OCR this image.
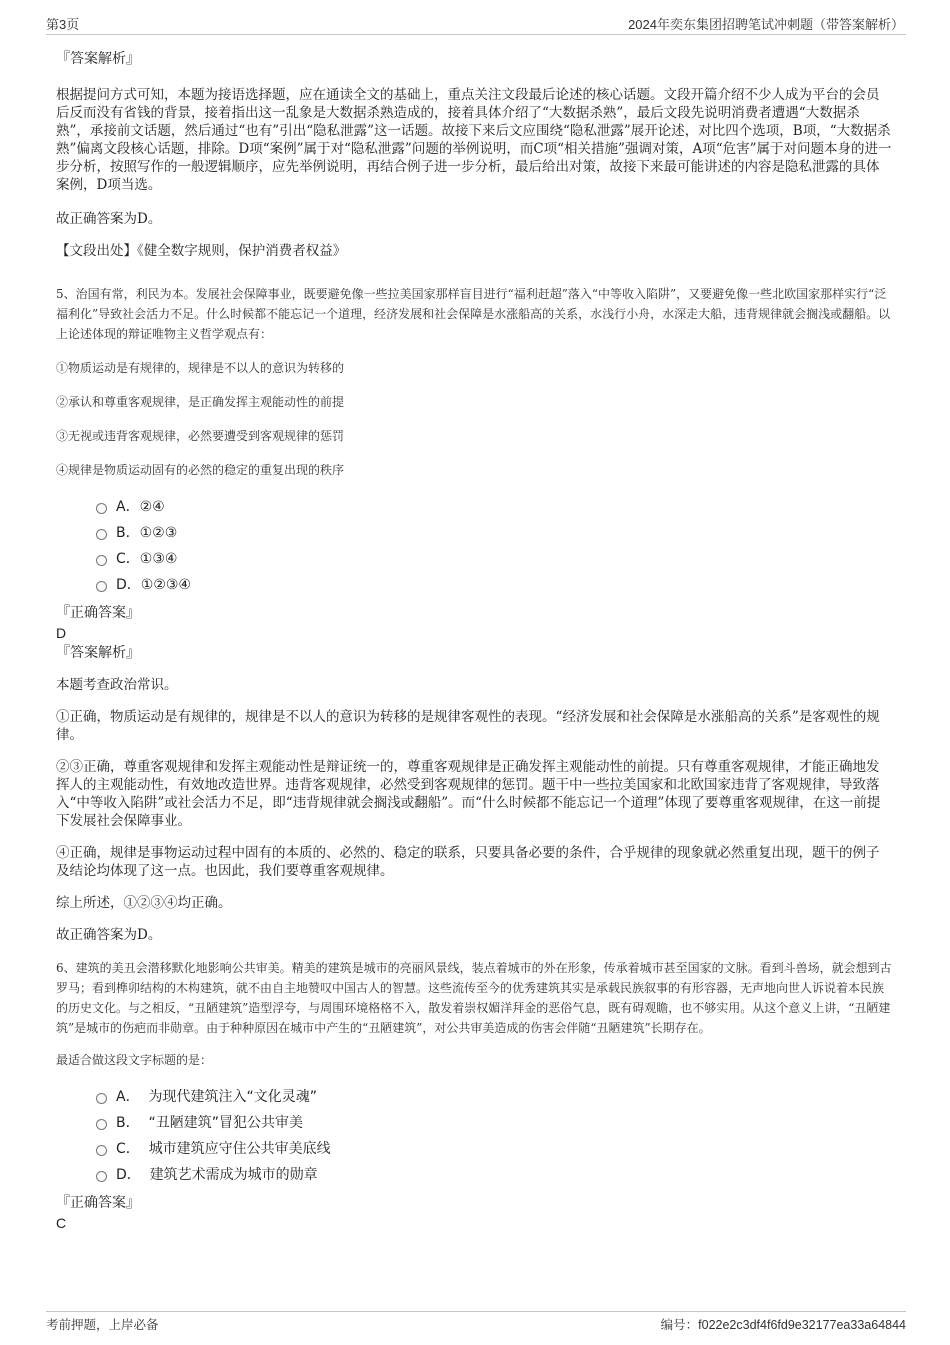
第3页	2024年奕东集团招聘笔试冲刺题（带答案解析）

『答案解析』

根据提问方式可知，本题为接语选择题，应在通读全文的基础上，重点关注文段最后论述的核心话题。文段开篇介绍不少人成为平台的会员后反而没有省钱的背景，接着指出这一乱象是大数据杀熟造成的，接着具体介绍了“大数据杀熟”，最后文段先说明消费者遭遇“大数据杀熟”，承接前文话题，然后通过“也有”引出“隐私泄露”这一话题。故接下来后文应围绕“隐私泄露”展开论述，对比四个选项，B项，“大数据杀熟”偏离文段核心话题，排除。D项“案例”属于对“隐私泄露”问题的举例说明，而C项“相关措施”强调对策，A项“危害”属于对问题本身的进一步分析，按照写作的一般逻辑顺序，应先举例说明，再结合例子进一步分析，最后给出对策，故接下来最可能讲述的内容是隐私泄露的具体案例，D项当选。

故正确答案为D。

【文段出处】《健全数字规则，保护消费者权益》

5、治国有常，利民为本。发展社会保障事业，既要避免像一些拉美国家那样盲目进行“福利赶超”落入“中等收入陷阱”，又要避免像一些北欧国家那样实行“泛福利化”导致社会活力不足。什么时候都不能忘记一个道理，经济发展和社会保障是水涨船高的关系，水浅行小舟，水深走大船，违背规律就会搁浅或翻船。以上论述体现的辩证唯物主义哲学观点有：

①物质运动是有规律的，规律是不以人的意识为转移的

②承认和尊重客观规律，是正确发挥主观能动性的前提

③无视或违背客观规律，必然要遭受到客观规律的惩罚

④规律是物质运动固有的必然的稳定的重复出现的秩序

A．②④
B．①②③
C．①③④
D．①②③④

『正确答案』

D

『答案解析』

本题考查政治常识。

①正确，物质运动是有规律的，规律是不以人的意识为转移的是规律客观性的表现。“经济发展和社会保障是水涨船高的关系”是客观性的规律。

②③正确，尊重客观规律和发挥主观能动性是辩证统一的，尊重客观规律是正确发挥主观能动性的前提。只有尊重客观规律，才能正确地发挥人的主观能动性，有效地改造世界。违背客观规律，必然受到客观规律的惩罚。题干中一些拉美国家和北欧国家违背了客观规律，导致落入“中等收入陷阱”或社会活力不足，即“违背规律就会搁浅或翻船”。而“什么时候都不能忘记一个道理”体现了要尊重客观规律，在这一前提下发展社会保障事业。

④正确，规律是事物运动过程中固有的本质的、必然的、稳定的联系，只要具备必要的条件，合乎规律的现象就必然重复出现，题干的例子及结论均体现了这一点。也因此，我们要尊重客观规律。

综上所述，①②③④均正确。

故正确答案为D。

6、建筑的美丑会潜移默化地影响公共审美。精美的建筑是城市的亮丽风景线，装点着城市的外在形象，传承着城市甚至国家的文脉。看到斗兽场，就会想到古罗马；看到榫卯结构的木构建筑，就不由自主地赞叹中国古人的智慧。这些流传至今的优秀建筑其实是承载民族叙事的有形容器，无声地向世人诉说着本民族的历史文化。与之相反，“丑陋建筑”造型浮夸，与周围环境格格不入，散发着崇权媚洋拜金的恶俗气息，既有碍观瞻，也不够实用。从这个意义上讲，“丑陋建筑”是城市的伤疤而非勋章。由于种种原因在城市中产生的“丑陋建筑”，对公共审美造成的伤害会伴随“丑陋建筑”长期存在。

最适合做这段文字标题的是：

A． 为现代建筑注入“文化灵魂”
B． “丑陋建筑”冒犯公共审美
C． 城市建筑应守住公共审美底线
D． 建筑艺术需成为城市的勋章

『正确答案』

C

考前押题，上岸必备	编号：f022e2c3df4f6fd9e32177ea33a64844
